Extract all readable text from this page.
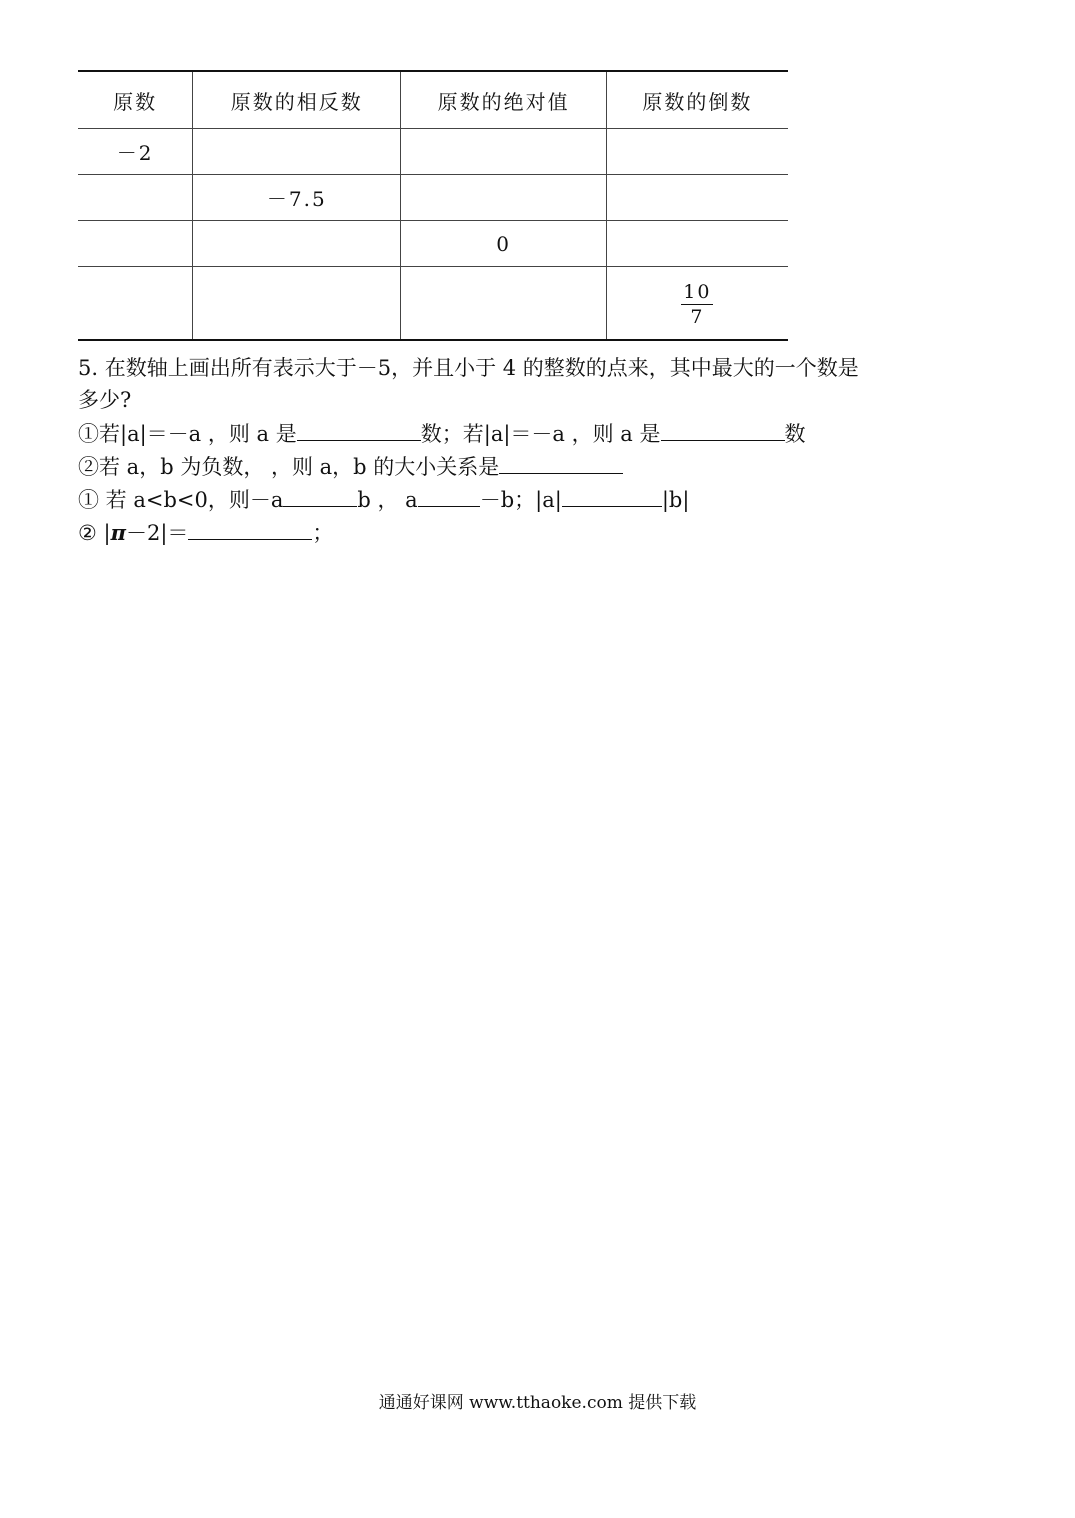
原数	原数的相反数	原数的绝对值	原数的倒数
－2			
	－7.5		
		0	

			$\frac{10}{7}$
5. 在数轴上画出所有表示大于－5，并且小于 4 的整数的点来，其中最大的一个数是
多少?
①若|a|＝－a ，则 a 是	数；若|a|＝－a ，则 a 是	数
②若 a，b 为负数， ，则 a，b 的大小关系是
① 若 a<b<0，则－a	b ， a	－b；|a|	|b|
② |π－2|＝	；
通通好课网 www.tthaoke.com 提供下载
